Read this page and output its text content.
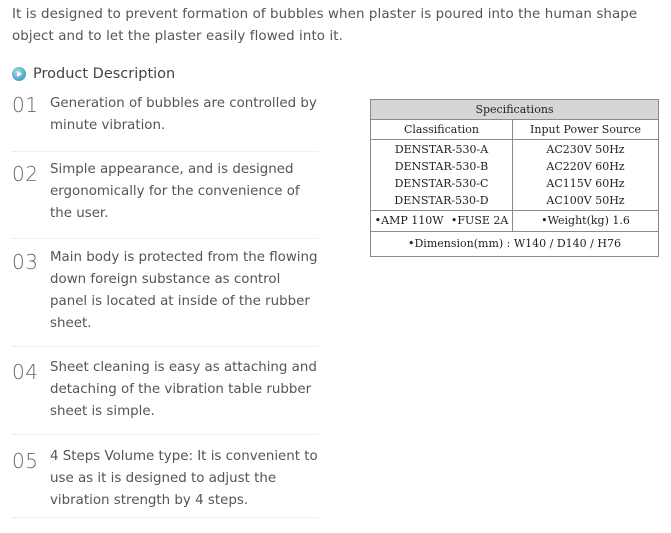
It is designed to prevent formation of bubbles when plaster is poured into the human shape object and to let the plaster easily flowed into it.
Product Description
01 Generation of bubbles are controlled by minute vibration.
02 Simple appearance, and is designed ergonomically for the convenience of the user.
03 Main body is protected from the flowing down foreign substance as control panel is located at inside of the rubber sheet.
04 Sheet cleaning is easy as attaching and detaching of the vibration table rubber sheet is simple.
05 4 Steps Volume type: It is convenient to use as it is designed to adjust the vibration strength by 4 steps.
Specifications
Classification	Input Power Source
DENSTAR-530-A
DENSTAR-530-B
DENSTAR-530-C
DENSTAR-530-D
AC230V 50Hz
AC220V 60Hz
AC115V 60Hz
AC100V 50Hz
•AMP 110W •FUSE 2A	•Weight(kg) 1.6
•Dimension(mm) : W140 / D140 / H76
